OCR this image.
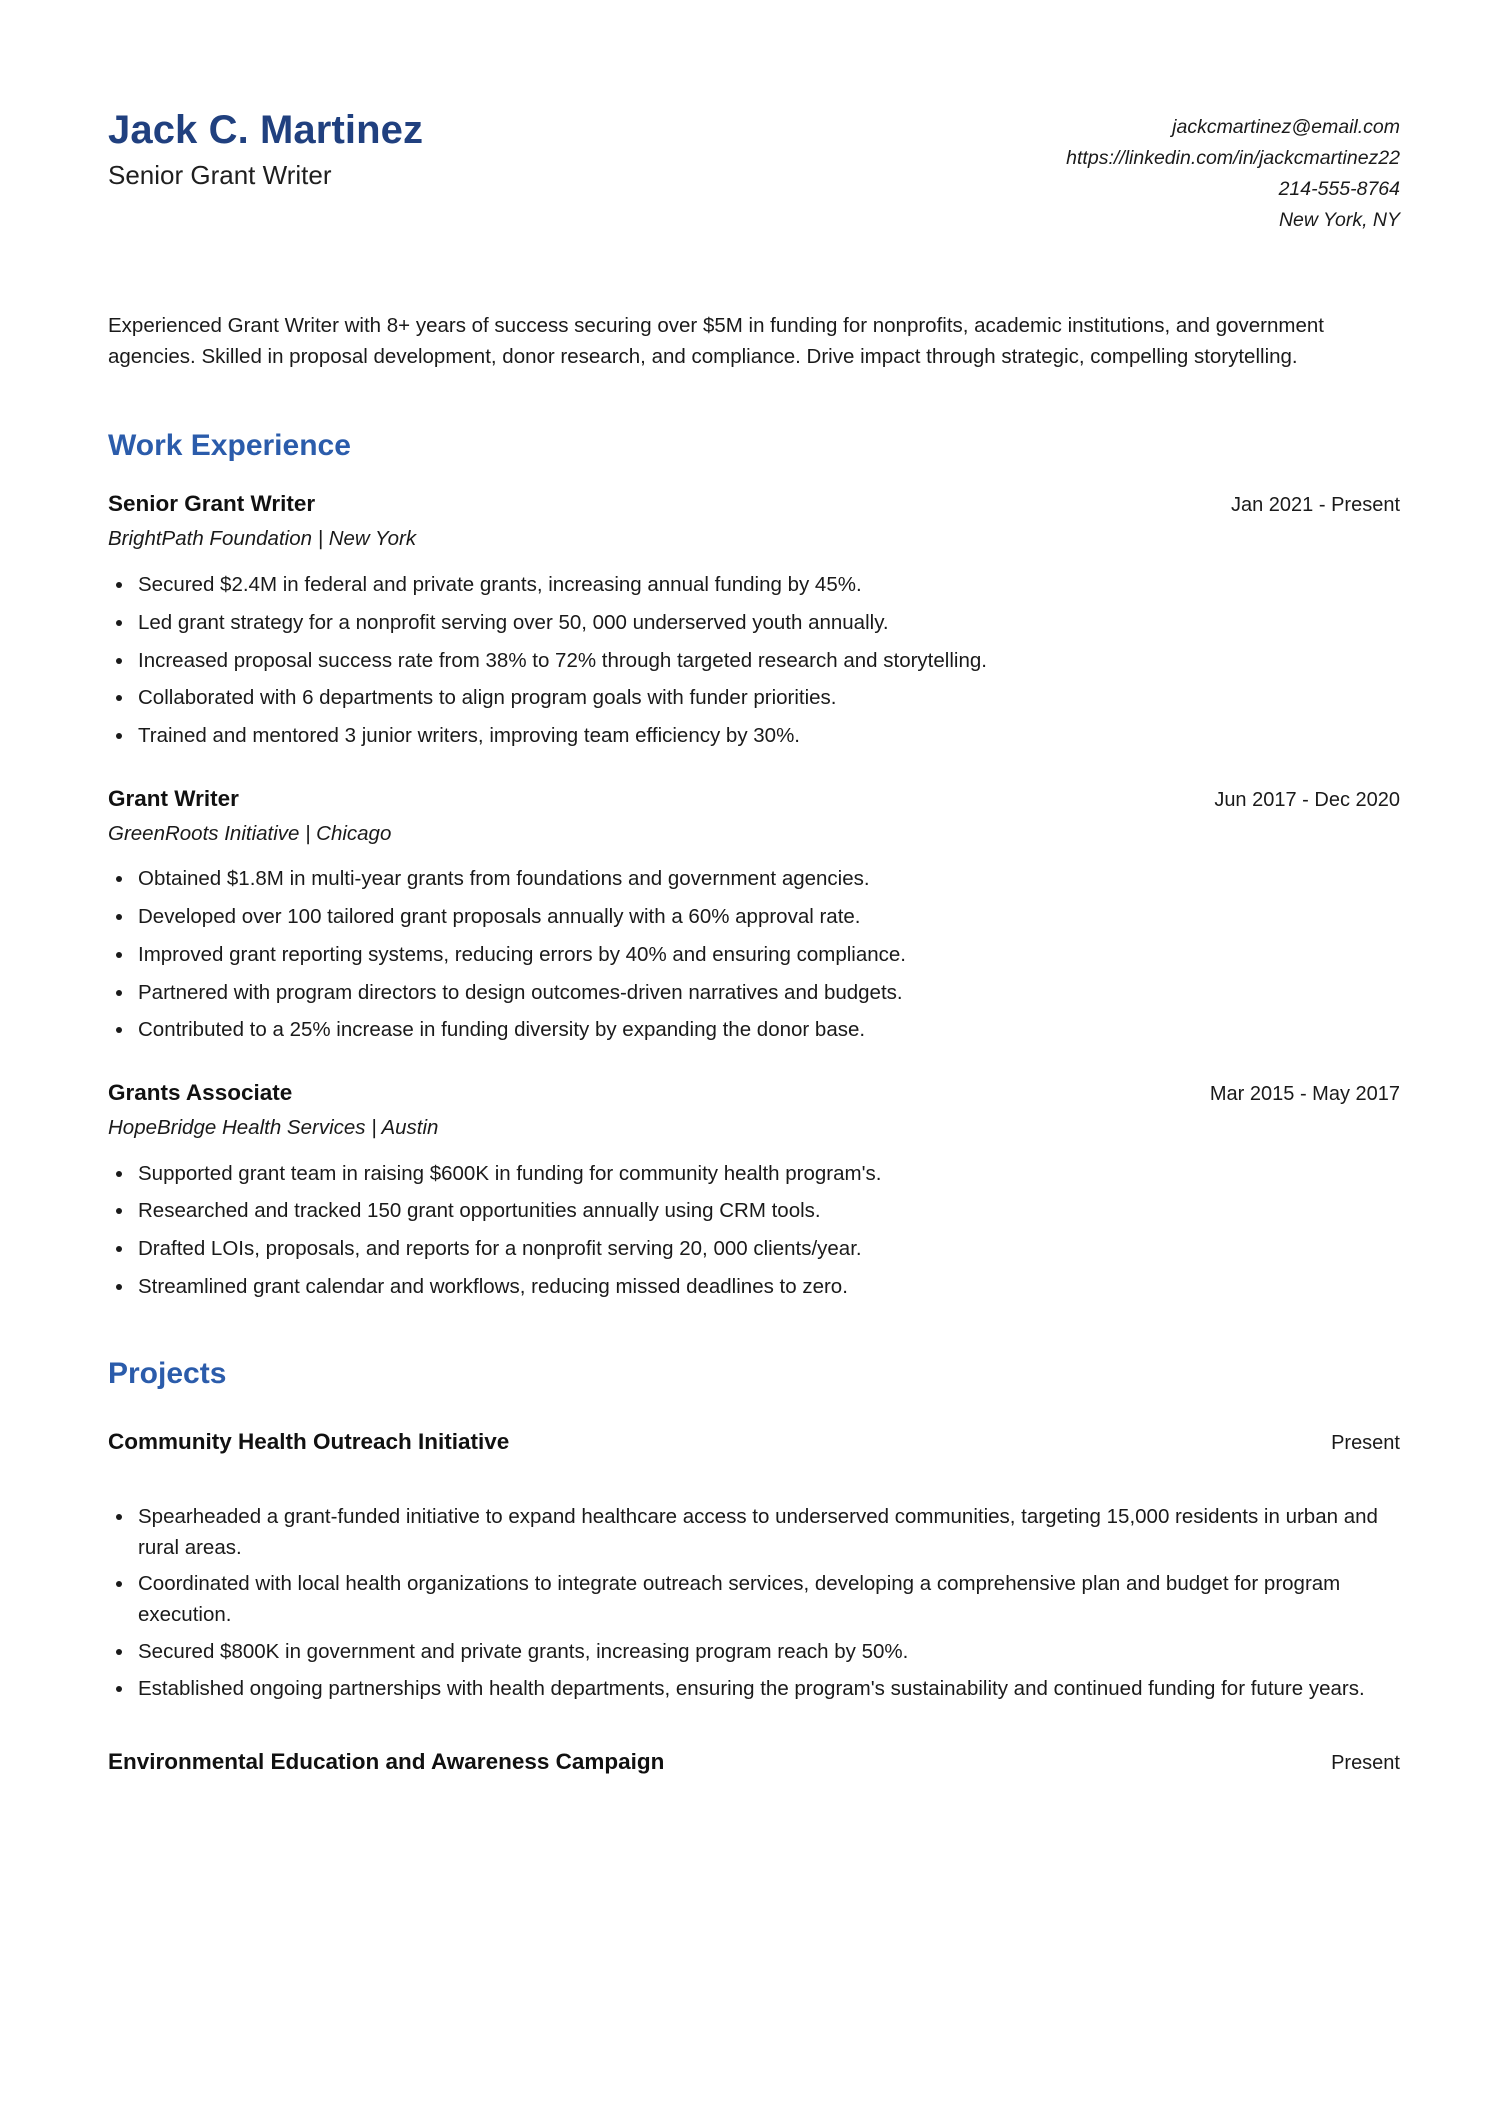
Jack C. Martinez
Senior Grant Writer
jackcmartinez@email.com
https://linkedin.com/in/jackcmartinez22
214-555-8764
New York, NY

Experienced Grant Writer with 8+ years of success securing over $5M in funding for nonprofits, academic institutions, and government agencies. Skilled in proposal development, donor research, and compliance. Drive impact through strategic, compelling storytelling.

Work Experience
Senior Grant Writer	Jan 2021 - Present
BrightPath Foundation | New York
Secured $2.4M in federal and private grants, increasing annual funding by 45%.
Led grant strategy for a nonprofit serving over 50, 000 underserved youth annually.
Increased proposal success rate from 38% to 72% through targeted research and storytelling.
Collaborated with 6 departments to align program goals with funder priorities.
Trained and mentored 3 junior writers, improving team efficiency by 30%.
Grant Writer	Jun 2017 - Dec 2020
GreenRoots Initiative | Chicago
Obtained $1.8M in multi-year grants from foundations and government agencies.
Developed over 100 tailored grant proposals annually with a 60% approval rate.
Improved grant reporting systems, reducing errors by 40% and ensuring compliance.
Partnered with program directors to design outcomes-driven narratives and budgets.
Contributed to a 25% increase in funding diversity by expanding the donor base.
Grants Associate	Mar 2015 - May 2017
HopeBridge Health Services | Austin
Supported grant team in raising $600K in funding for community health program's.
Researched and tracked 150 grant opportunities annually using CRM tools.
Drafted LOIs, proposals, and reports for a nonprofit serving 20, 000 clients/year.
Streamlined grant calendar and workflows, reducing missed deadlines to zero.
Projects
Community Health Outreach Initiative	Present
Spearheaded a grant-funded initiative to expand healthcare access to underserved communities, targeting 15,000 residents in urban and rural areas.
Coordinated with local health organizations to integrate outreach services, developing a comprehensive plan and budget for program execution.
Secured $800K in government and private grants, increasing program reach by 50%.
Established ongoing partnerships with health departments, ensuring the program's sustainability and continued funding for future years.
Environmental Education and Awareness Campaign	Present
